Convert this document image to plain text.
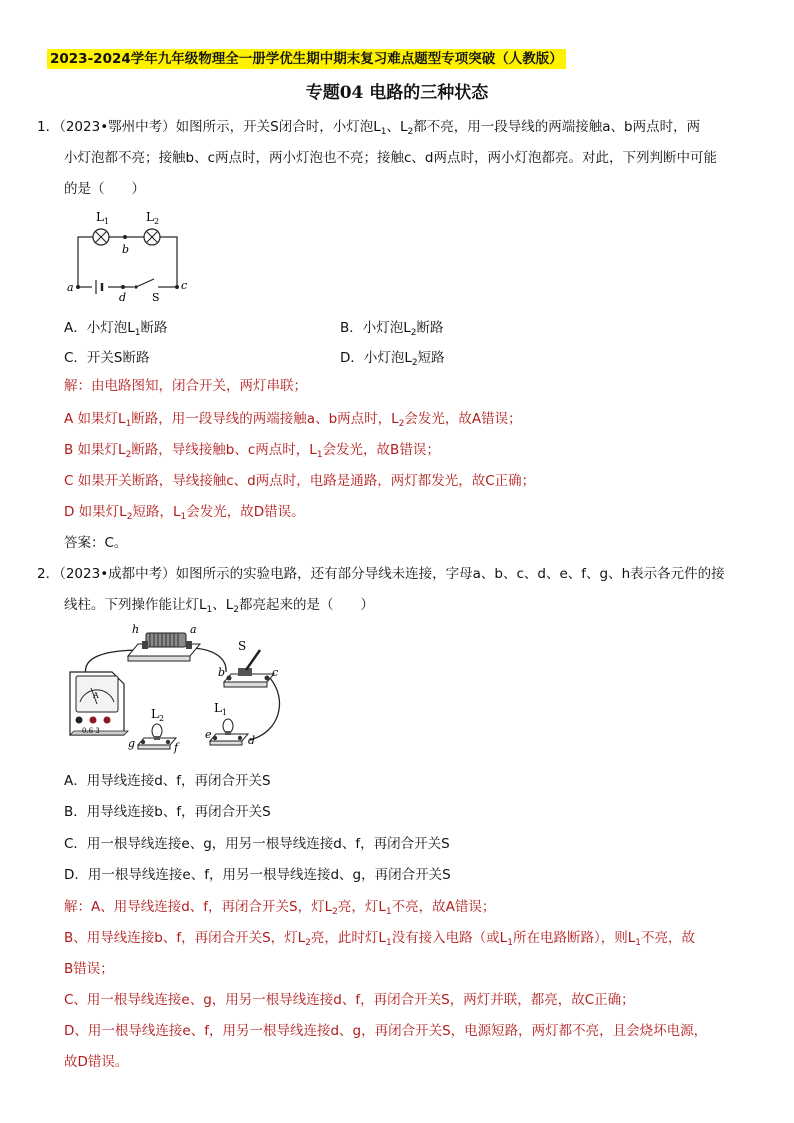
2023-2024学年九年级物理全一册学优生期中期末复习难点题型专项突破（人教版）
专题04 电路的三种状态
1．（2023•鄂州中考）如图所示，开关S闭合时，小灯泡$L_1$、$L_2$都不亮，用一段导线的两端接触a、b两点时，两
小灯泡都不亮；接触b、c两点时，两小灯泡也不亮；接触c、d两点时，两小灯泡都亮。对此，下列判断中可能
的是（　　）
$L_1$	$L_2$
b
a	c
d S
A．小灯泡$L_1$断路	B．小灯泡$L_2$断路
C．开关S断路	D．小灯泡$L_2$短路
解：由电路图知，闭合开关，两灯串联；
A 如果灯$L_1$断路，用一段导线的两端接触a、b两点时，$L_2$会发光，故A错误；
B 如果灯$L_2$断路，导线接触b、c两点时，$L_1$会发光，故B错误；
C 如果开关断路，导线接触c、d两点时，电路是通路，两灯都发光，故C正确；
D 如果灯$L_2$短路，$L_1$会发光，故D错误。
答案：C。
2．（2023•成都中考）如图所示的实验电路，还有部分导线未连接，字母a、b、c、d、e、f、g、h表示各元件的接
线柱。下列操作能让灯$L_1$、$L_2$都亮起来的是（　　）
A
0.6 3
h	a
S
b	c
$L_2$
$L_1$
e	d
g	f
A．用导线连接d、f，再闭合开关S
B．用导线连接b、f，再闭合开关S
C．用一根导线连接e、g，用另一根导线连接d、f，再闭合开关S
D．用一根导线连接e、f，用另一根导线连接d、g，再闭合开关S
解：A、用导线连接d、f，再闭合开关S，灯$L_2$亮，灯$L_1$不亮，故A错误；
B、用导线连接b、f，再闭合开关S，灯$L_2$亮，此时灯$L_1$没有接入电路（或$L_1$所在电路断路），则$L_1$不亮，故
B错误；
C、用一根导线连接e、g，用另一根导线连接d、f，再闭合开关S，两灯并联，都亮，故C正确；
D、用一根导线连接e、f，用另一根导线连接d、g，再闭合开关S，电源短路，两灯都不亮，且会烧坏电源，
故D错误。
